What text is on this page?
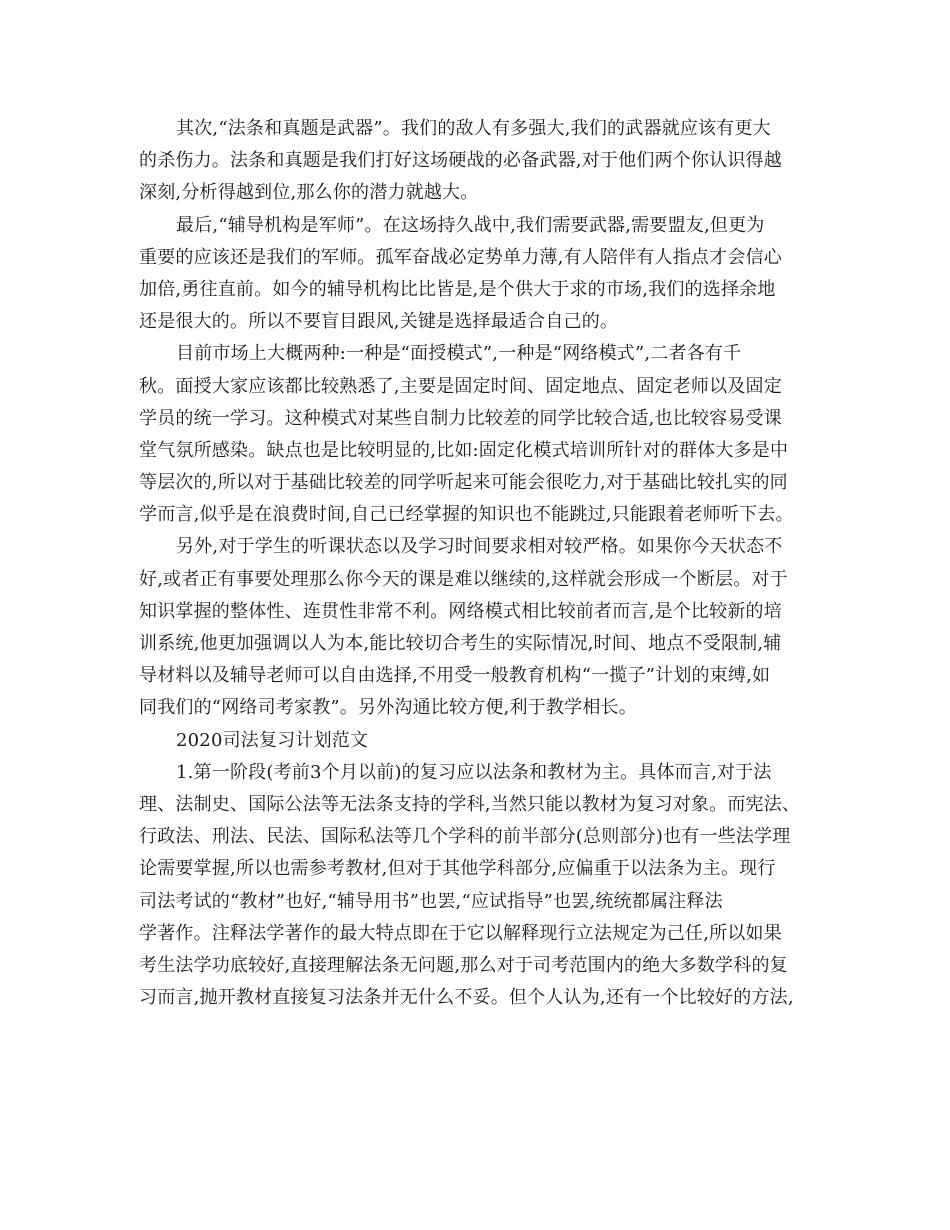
其次,“法条和真题是武器”。我们的敌人有多强大,我们的武器就应该有更大
的杀伤力。法条和真题是我们打好这场硬战的必备武器,对于他们两个你认识得越
深刻,分析得越到位,那么你的潜力就越大。
最后,“辅导机构是军师”。在这场持久战中,我们需要武器,需要盟友,但更为
重要的应该还是我们的军师。孤军奋战必定势单力薄,有人陪伴有人指点才会信心
加倍,勇往直前。如今的辅导机构比比皆是,是个供大于求的市场,我们的选择余地
还是很大的。所以不要盲目跟风,关键是选择最适合自己的。
目前市场上大概两种:一种是“面授模式”,一种是“网络模式”,二者各有千
秋。面授大家应该都比较熟悉了,主要是固定时间、固定地点、固定老师以及固定
学员的统一学习。这种模式对某些自制力比较差的同学比较合适,也比较容易受课
堂气氛所感染。缺点也是比较明显的,比如:固定化模式培训所针对的群体大多是中
等层次的,所以对于基础比较差的同学听起来可能会很吃力,对于基础比较扎实的同
学而言,似乎是在浪费时间,自己已经掌握的知识也不能跳过,只能跟着老师听下去。
另外,对于学生的听课状态以及学习时间要求相对较严格。如果你今天状态不
好,或者正有事要处理那么你今天的课是难以继续的,这样就会形成一个断层。对于
知识掌握的整体性、连贯性非常不利。网络模式相比较前者而言,是个比较新的培
训系统,他更加强调以人为本,能比较切合考生的实际情况,时间、地点不受限制,辅
导材料以及辅导老师可以自由选择,不用受一般教育机构“一揽子”计划的束缚,如
同我们的“网络司考家教”。另外沟通比较方便,利于教学相长。
2020司法复习计划范文
1.第一阶段(考前3个月以前)的复习应以法条和教材为主。具体而言,对于法
理、法制史、国际公法等无法条支持的学科,当然只能以教材为复习对象。而宪法、
行政法、刑法、民法、国际私法等几个学科的前半部分(总则部分)也有一些法学理
论需要掌握,所以也需参考教材,但对于其他学科部分,应偏重于以法条为主。现行
司法考试的“教材”也好,“辅导用书”也罢,“应试指导”也罢,统统都属注释法
学著作。注释法学著作的最大特点即在于它以解释现行立法规定为己任,所以如果
考生法学功底较好,直接理解法条无问题,那么对于司考范围内的绝大多数学科的复
习而言,抛开教材直接复习法条并无什么不妥。但个人认为,还有一个比较好的方法,
